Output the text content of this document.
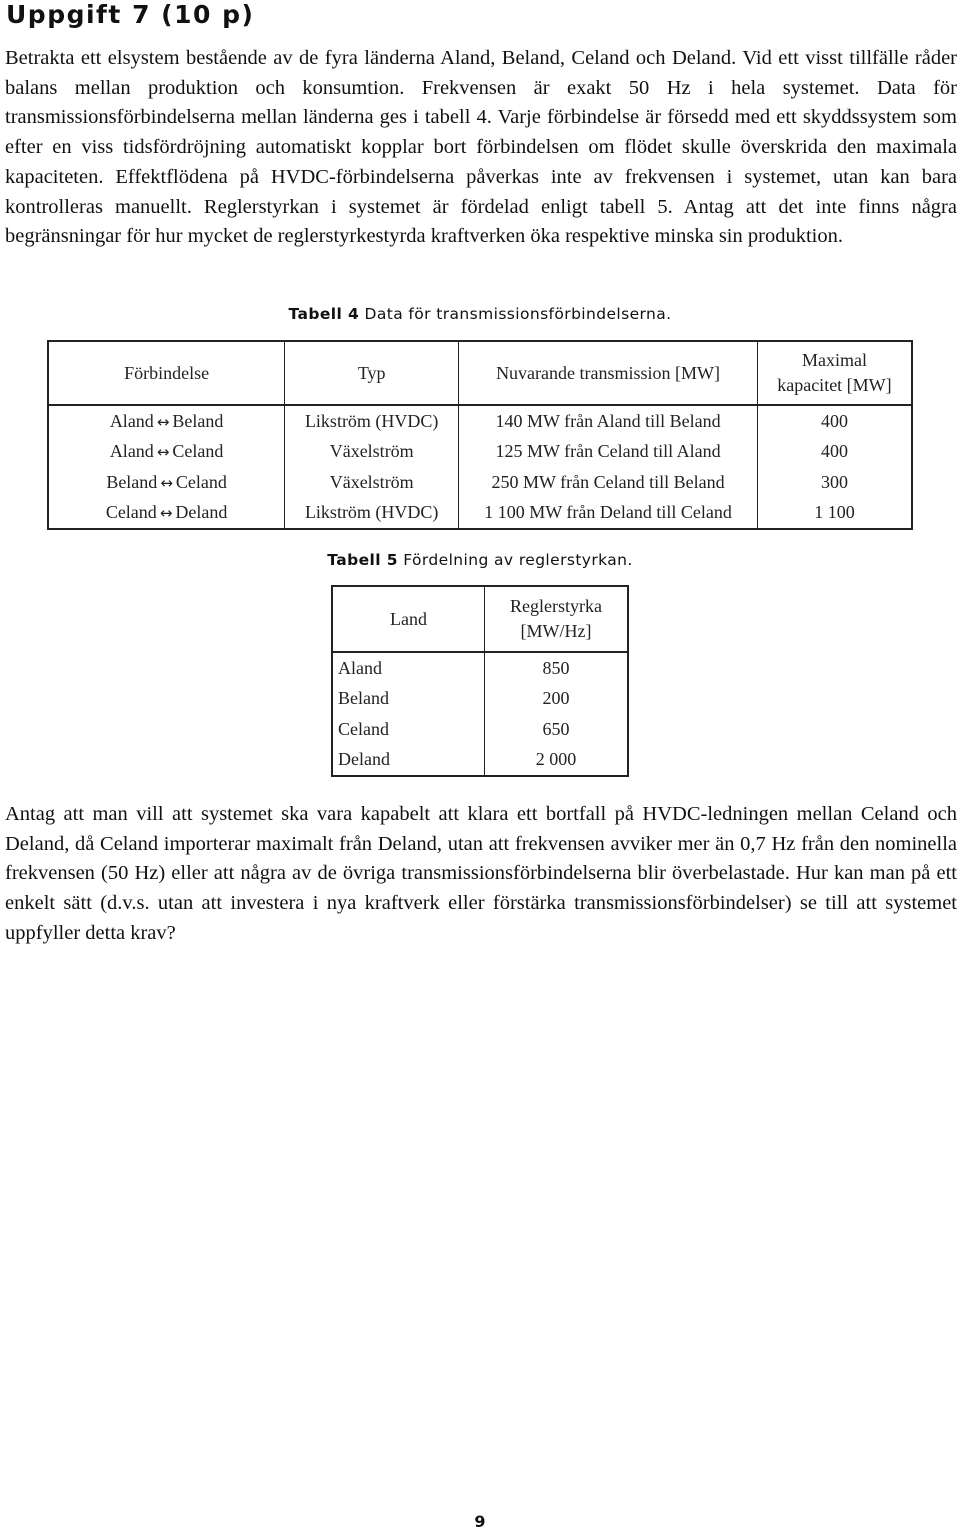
Uppgift 7 (10 p)

Betrakta ett elsystem bestående av de fyra länderna Aland, Beland, Celand och Deland. Vid ett visst tillfälle råder balans mellan produktion och konsumtion. Frekvensen är exakt 50 Hz i hela systemet. Data för transmissionsförbindelserna mellan länderna ges i tabell 4. Varje förbindelse är försedd med ett skyddssystem som efter en viss tidsfördröjning automatiskt kopplar bort förbindelsen om flödet skulle överskrida den maximala kapaciteten. Effektflödena på HVDC-förbindelserna påverkas inte av frekvensen i systemet, utan kan bara kontrolleras manuellt. Reglerstyrkan i systemet är fördelad enligt tabell 5. Antag att det inte finns några begränsningar för hur mycket de reglerstyrkestyrda kraftverken öka respektive minska sin produktion.

Tabell 4 Data för transmissionsförbindelserna.
Förbindelse	Typ	Nuvarande transmission [MW]	Maximal kapacitet [MW]
Aland ↔ Beland	Likström (HVDC)	140 MW från Aland till Beland	400
Aland ↔ Celand	Växelström	125 MW från Celand till Aland	400
Beland ↔ Celand	Växelström	250 MW från Celand till Beland	300
Celand ↔ Deland	Likström (HVDC)	1 100 MW från Deland till Celand	1 100
Tabell 5 Fördelning av reglerstyrkan.
Land	Reglerstyrka [MW/Hz]
Aland	850
Beland	200
Celand	650
Deland	2 000

Antag att man vill att systemet ska vara kapabelt att klara ett bortfall på HVDC-ledningen mellan Celand och Deland, då Celand importerar maximalt från Deland, utan att frekvensen avviker mer än 0,7 Hz från den nominella frekvensen (50 Hz) eller att några av de övriga transmissionsförbindelserna blir överbelastade. Hur kan man på ett enkelt sätt (d.v.s. utan att investera i nya kraftverk eller förstärka transmissionsförbindelser) se till att systemet uppfyller detta krav?

9
